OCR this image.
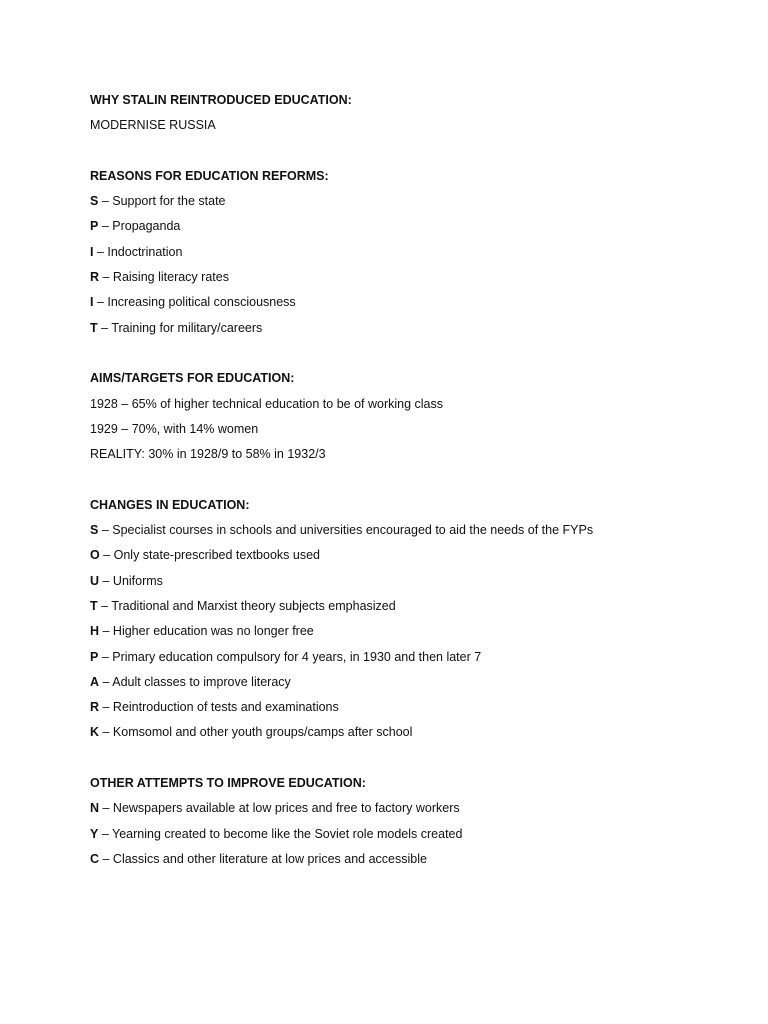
WHY STALIN REINTRODUCED EDUCATION:
MODERNISE RUSSIA
REASONS FOR EDUCATION REFORMS:
S – Support for the state
P – Propaganda
I – Indoctrination
R – Raising literacy rates
I – Increasing political consciousness
T – Training for military/careers
AIMS/TARGETS FOR EDUCATION:
1928 – 65% of higher technical education to be of working class
1929 – 70%, with 14% women
REALITY: 30% in 1928/9 to 58% in 1932/3
CHANGES IN EDUCATION:
S – Specialist courses in schools and universities encouraged to aid the needs of the FYPs
O – Only state-prescribed textbooks used
U – Uniforms
T – Traditional and Marxist theory subjects emphasized
H – Higher education was no longer free
P – Primary education compulsory for 4 years, in 1930 and then later 7
A – Adult classes to improve literacy
R – Reintroduction of tests and examinations
K – Komsomol and other youth groups/camps after school
OTHER ATTEMPTS TO IMPROVE EDUCATION:
N – Newspapers available at low prices and free to factory workers
Y – Yearning created to become like the Soviet role models created
C – Classics and other literature at low prices and accessible
